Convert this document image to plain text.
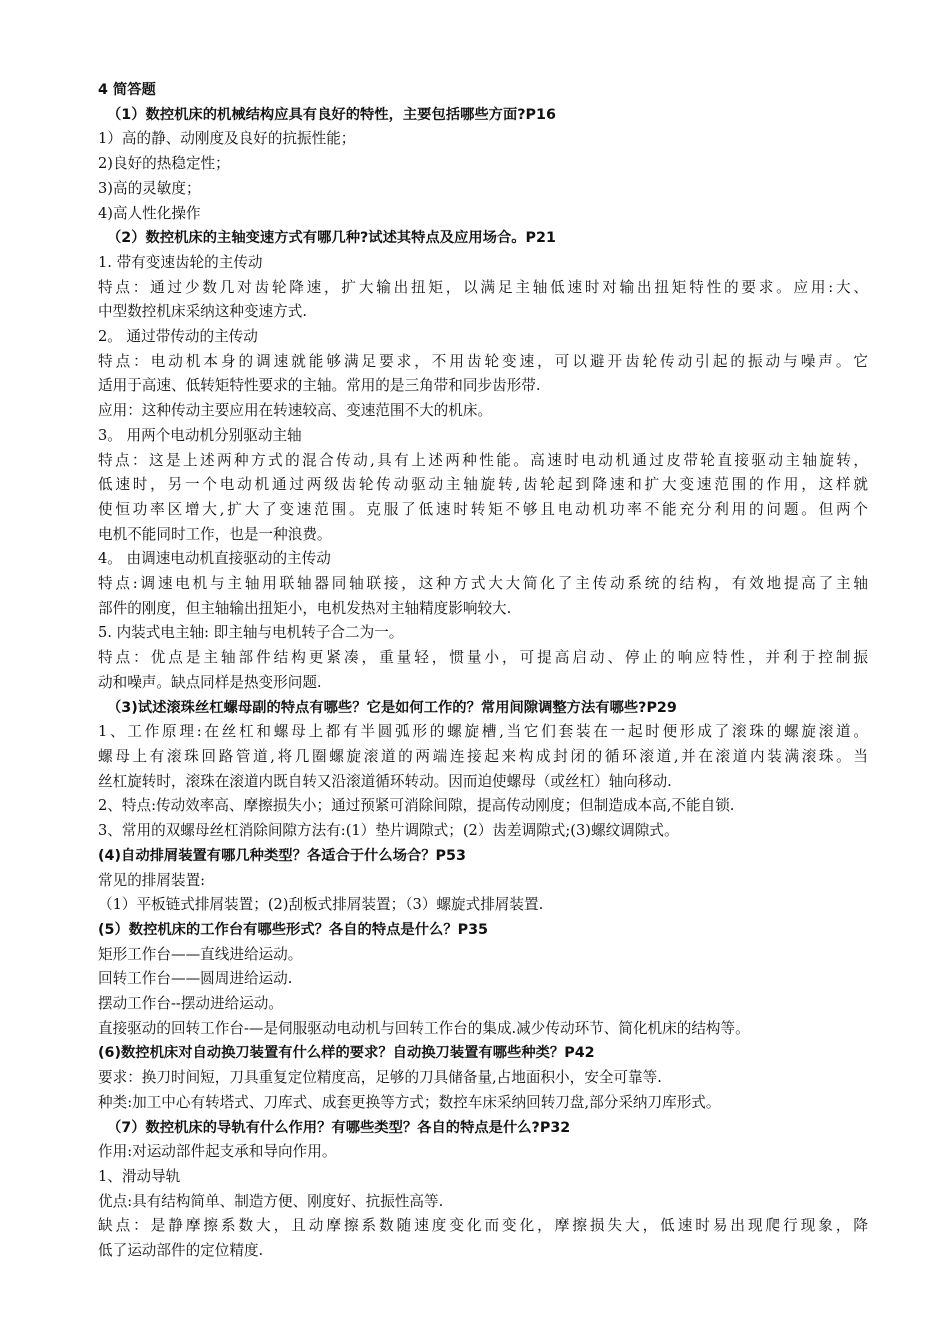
4 简答题

（1）数控机床的机械结构应具有良好的特性，主要包括哪些方面?P16

1）高的静、动刚度及良好的抗振性能；

2)良好的热稳定性；

3)高的灵敏度；

4)高人性化操作

（2）数控机床的主轴变速方式有哪几种?试述其特点及应用场合。P21

1. 带有变速齿轮的主传动

特点：通过少数几对齿轮降速，扩大输出扭矩，以满足主轴低速时对输出扭矩特性的要求。应用:大、

中型数控机床采纳这种变速方式.

2。 通过带传动的主传动

特点：电动机本身的调速就能够满足要求，不用齿轮变速，可以避开齿轮传动引起的振动与噪声。它

适用于高速、低转矩特性要求的主轴。常用的是三角带和同步齿形带.

应用：这种传动主要应用在转速较高、变速范围不大的机床。

3。 用两个电动机分别驱动主轴

特点：这是上述两种方式的混合传动,具有上述两种性能。高速时电动机通过皮带轮直接驱动主轴旋转，

低速时，另一个电动机通过两级齿轮传动驱动主轴旋转,齿轮起到降速和扩大变速范围的作用，这样就

使恒功率区增大,扩大了变速范围。克服了低速时转矩不够且电动机功率不能充分利用的问题。但两个

电机不能同时工作，也是一种浪费。

4。 由调速电动机直接驱动的主传动

特点:调速电机与主轴用联轴器同轴联接，这种方式大大简化了主传动系统的结构，有效地提高了主轴

部件的刚度，但主轴输出扭矩小，电机发热对主轴精度影响较大.

5. 内装式电主轴: 即主轴与电机转子合二为一。

特点：优点是主轴部件结构更紧凑，重量轻，惯量小，可提高启动、停止的响应特性，并利于控制振

动和噪声。缺点同样是热变形问题.

（3)试述滚珠丝杠螺母副的特点有哪些？它是如何工作的？常用间隙调整方法有哪些?P29

1、工作原理:在丝杠和螺母上都有半圆弧形的螺旋槽,当它们套装在一起时便形成了滚珠的螺旋滚道。

螺母上有滚珠回路管道,将几圈螺旋滚道的两端连接起来构成封闭的循环滚道,并在滚道内装满滚珠。当

丝杠旋转时，滚珠在滚道内既自转又沿滚道循环转动。因而迫使螺母（或丝杠）轴向移动.

2、特点:传动效率高、摩擦损失小；通过预紧可消除间隙，提高传动刚度；但制造成本高,不能自锁.

3、常用的双螺母丝杠消除间隙方法有:(1）垫片调隙式；(2）齿差调隙式;(3)螺纹调隙式。

(4)自动排屑装置有哪几种类型？各适合于什么场合？P53

常见的排屑装置:

（1）平板链式排屑装置；(2)刮板式排屑装置；（3）螺旋式排屑装置.

(5）数控机床的工作台有哪些形式？各自的特点是什么？P35

矩形工作台——直线进给运动。

回转工作台——圆周进给运动.

摆动工作台--摆动进给运动。

直接驱动的回转工作台-—是伺服驱动电动机与回转工作台的集成.减少传动环节、简化机床的结构等。

(6)数控机床对自动换刀装置有什么样的要求？自动换刀装置有哪些种类？P42

要求：换刀时间短，刀具重复定位精度高，足够的刀具储备量,占地面积小，安全可靠等.

种类:加工中心有转塔式、刀库式、成套更换等方式；数控车床采纳回转刀盘,部分采纳刀库形式。

（7）数控机床的导轨有什么作用？有哪些类型？各自的特点是什么?P32

作用:对运动部件起支承和导向作用。

1、滑动导轨

优点:具有结构简单、制造方便、刚度好、抗振性高等.

缺点：是静摩擦系数大，且动摩擦系数随速度变化而变化，摩擦损失大，低速时易出现爬行现象，降

低了运动部件的定位精度.
